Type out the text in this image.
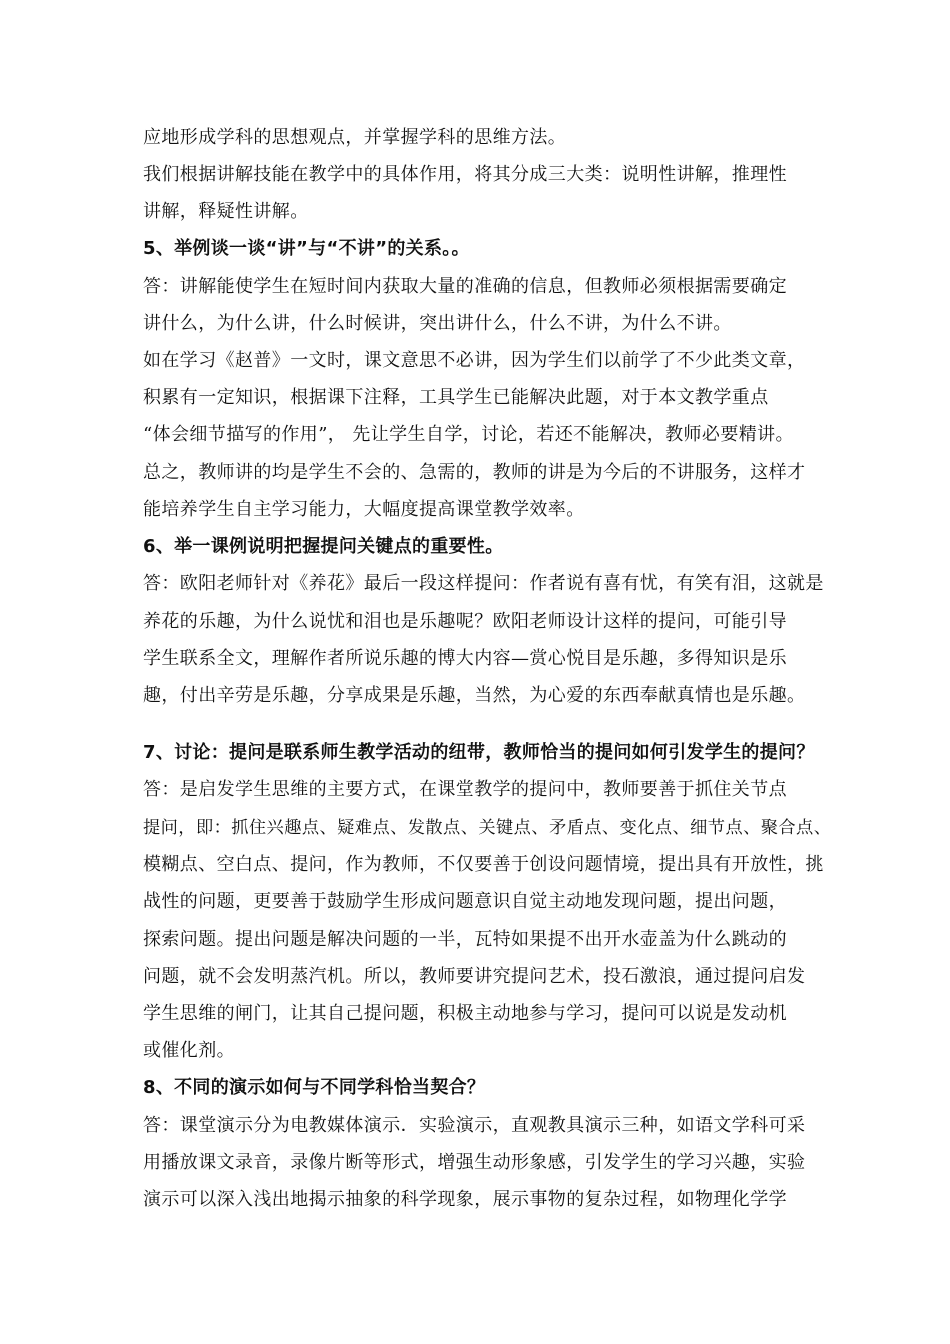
应地形成学科的思想观点，并掌握学科的思维方法。
我们根据讲解技能在教学中的具体作用，将其分成三大类：说明性讲解，推理性
讲解，释疑性讲解。
5、举例谈一谈“讲”与“不讲”的关系。。
答：讲解能使学生在短时间内获取大量的准确的信息，但教师必须根据需要确定
讲什么，为什么讲，什么时候讲，突出讲什么，什么不讲，为什么不讲。
如在学习《赵普》一文时，课文意思不必讲，因为学生们以前学了不少此类文章，
积累有一定知识，根据课下注释，工具学生已能解决此题，对于本文教学重点
“体会细节描写的作用”， 先让学生自学，讨论，若还不能解决，教师必要精讲。
总之，教师讲的均是学生不会的、急需的，教师的讲是为今后的不讲服务，这样才
能培养学生自主学习能力，大幅度提高课堂教学效率。
6、举一课例说明把握提问关键点的重要性。
答：欧阳老师针对《养花》最后一段这样提问：作者说有喜有忧，有笑有泪，这就是
养花的乐趣，为什么说忧和泪也是乐趣呢？欧阳老师设计这样的提问，可能引导
学生联系全文，理解作者所说乐趣的博大内容—赏心悦目是乐趣，多得知识是乐
趣，付出辛劳是乐趣，分享成果是乐趣，当然，为心爱的东西奉献真情也是乐趣。
7、讨论：提问是联系师生教学活动的纽带，教师恰当的提问如何引发学生的提问？
答：是启发学生思维的主要方式，在课堂教学的提问中，教师要善于抓住关节点
提问，即：抓住兴趣点、疑难点、发散点、关键点、矛盾点、变化点、细节点、聚合点、
模糊点、空白点、提问，作为教师，不仅要善于创设问题情境，提出具有开放性，挑
战性的问题，更要善于鼓励学生形成问题意识自觉主动地发现问题，提出问题，
探索问题。提出问题是解决问题的一半，瓦特如果提不出开水壶盖为什么跳动的
问题，就不会发明蒸汽机。所以，教师要讲究提问艺术，投石激浪，通过提问启发
学生思维的闸门，让其自己提问题，积极主动地参与学习，提问可以说是发动机
或催化剂。
8、不同的演示如何与不同学科恰当契合？
答：课堂演示分为电教媒体演示．实验演示，直观教具演示三种，如语文学科可采
用播放课文录音，录像片断等形式，增强生动形象感，引发学生的学习兴趣，实验
演示可以深入浅出地揭示抽象的科学现象，展示事物的复杂过程，如物理化学学
